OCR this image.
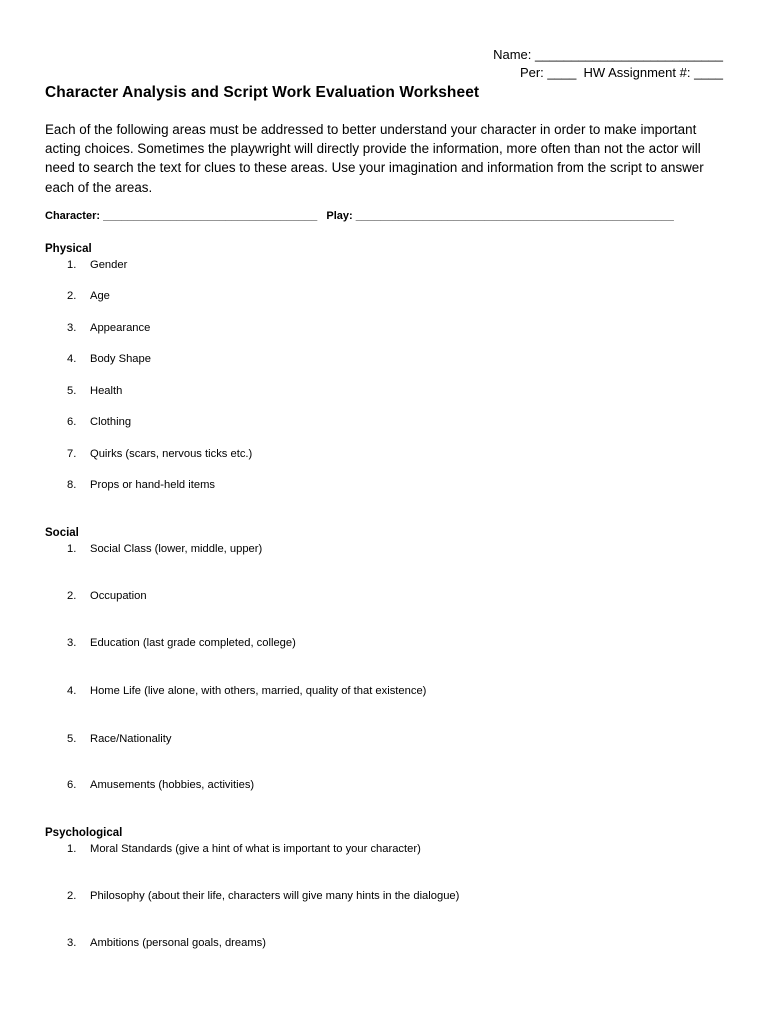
Name: __________________________
Per: ____  HW Assignment #: ____
Character Analysis and Script Work Evaluation Worksheet
Each of the following areas must be addressed to better understand your character in order to make important acting choices. Sometimes the playwright will directly provide the information, more often than not the actor will need to search the text for clues to these areas. Use your imagination and information from the script to answer each of the areas.
Character: ___________________________________   Play: ____________________________________________________
Physical
1. Gender
2. Age
3. Appearance
4. Body Shape
5. Health
6. Clothing
7. Quirks (scars, nervous ticks etc.)
8. Props or hand-held items
Social
1. Social Class (lower, middle, upper)
2. Occupation
3. Education (last grade completed, college)
4. Home Life (live alone, with others, married, quality of that existence)
5. Race/Nationality
6. Amusements (hobbies, activities)
Psychological
1. Moral Standards (give a hint of what is important to your character)
2. Philosophy (about their life, characters will give many hints in the dialogue)
3. Ambitions (personal goals, dreams)
